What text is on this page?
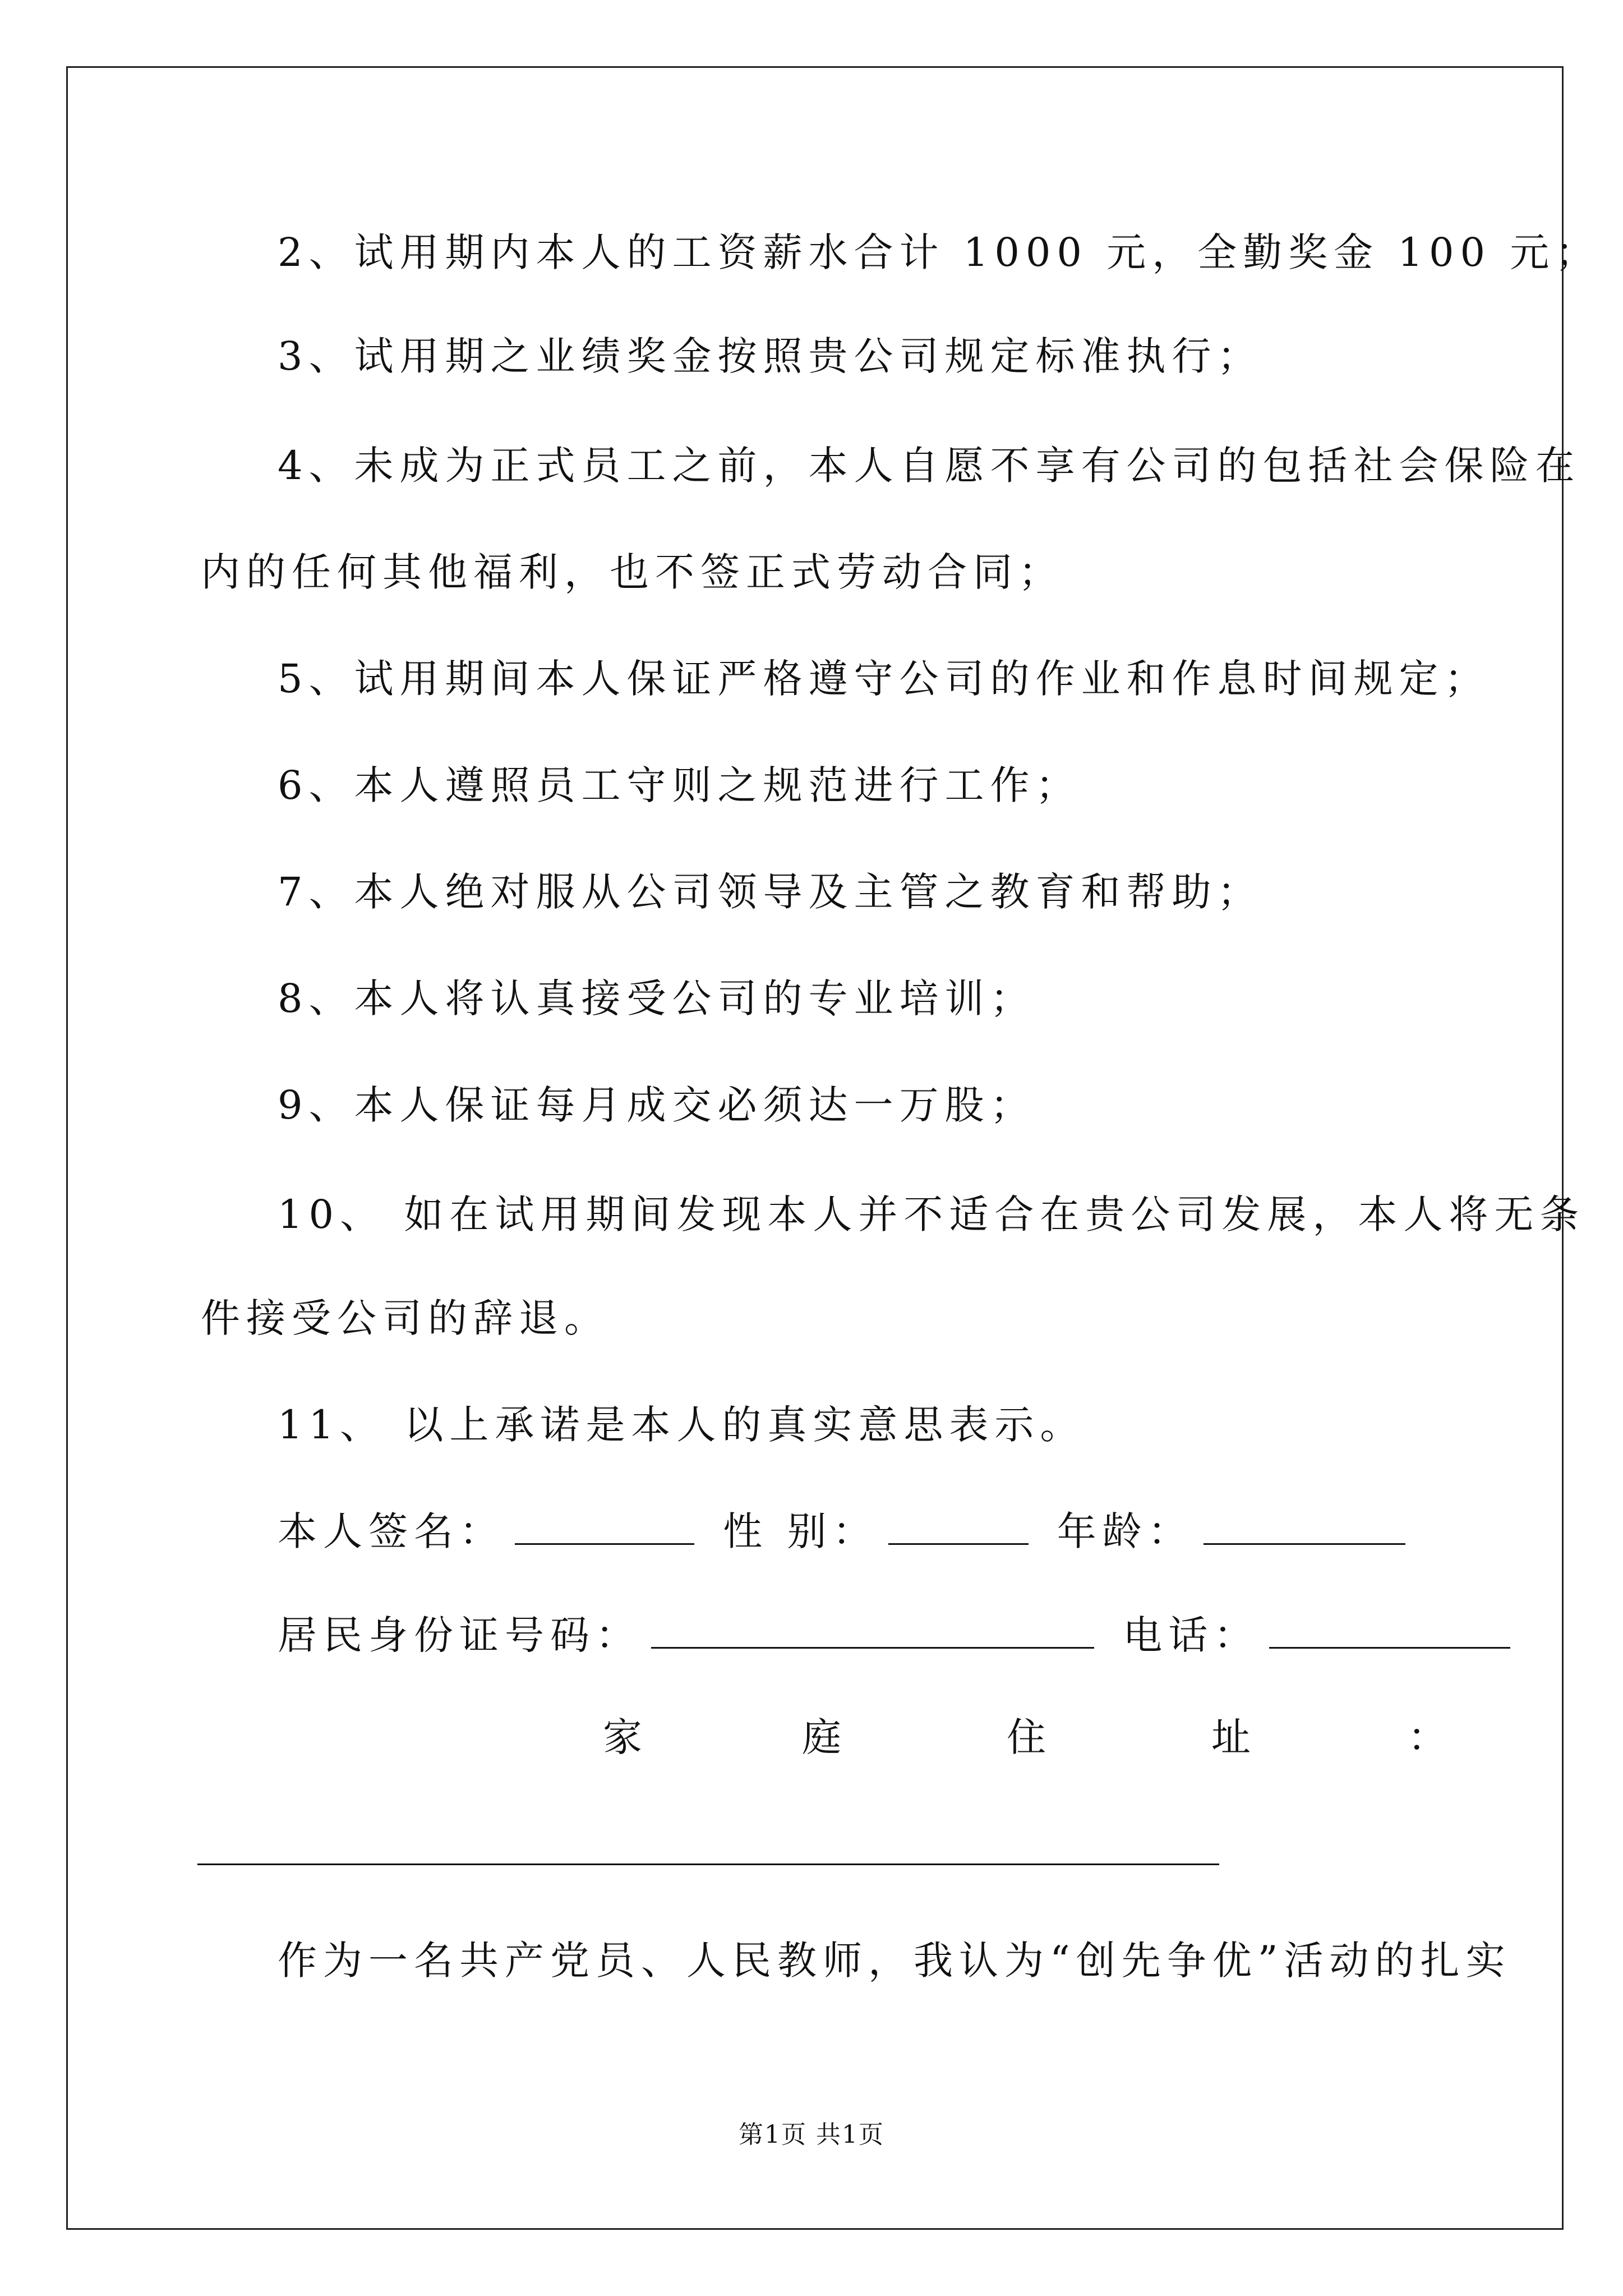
2、试用期内本人的工资薪水合计 1000 元，全勤奖金 100 元；
3、试用期之业绩奖金按照贵公司规定标准执行；
4、未成为正式员工之前，本人自愿不享有公司的包括社会保险在
内的任何其他福利，也不签正式劳动合同；
5、试用期间本人保证严格遵守公司的作业和作息时间规定；
6、本人遵照员工守则之规范进行工作；
7、本人绝对服从公司领导及主管之教育和帮助；
8、本人将认真接受公司的专业培训；
9、本人保证每月成交必须达一万股；
10、 如在试用期间发现本人并不适合在贵公司发展，本人将无条
件接受公司的辞退。
11、 以上承诺是本人的真实意思表示。
本人签名：	性 别：	年龄：
居民身份证号码：	电话：
家	庭	住	址	：
作为一名共产党员、人民教师，我认为“创先争优”活动的扎实
第1页 共1页
